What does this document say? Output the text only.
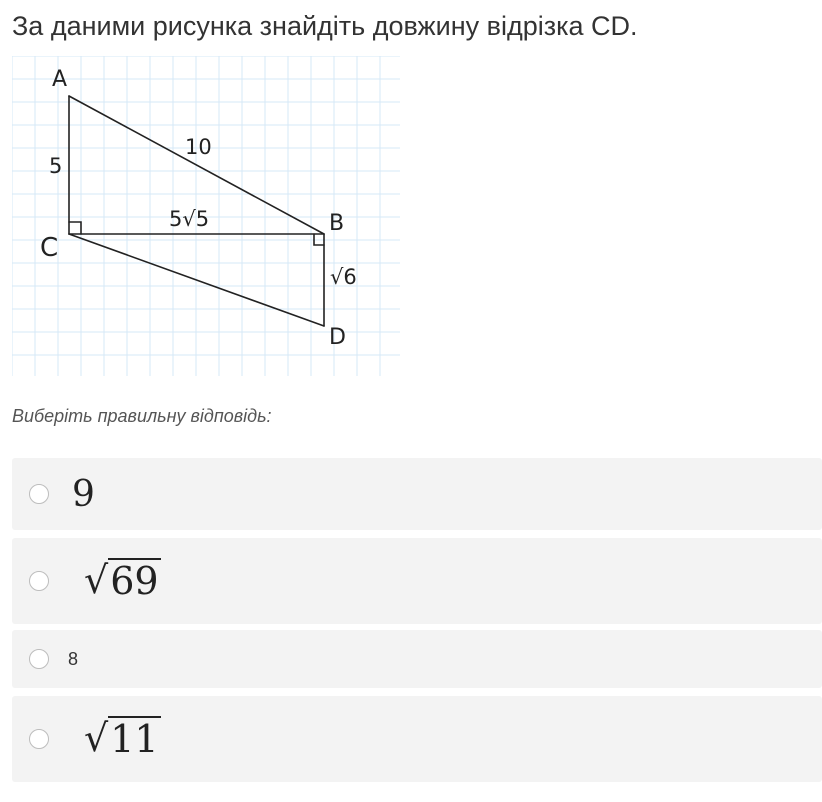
За даними рисунка знайдіть довжину відрізка CD.
A
C
B
D
5
10
5√5
√6
Виберіть правильну відповідь:
9
√ 69
8
√ 11
